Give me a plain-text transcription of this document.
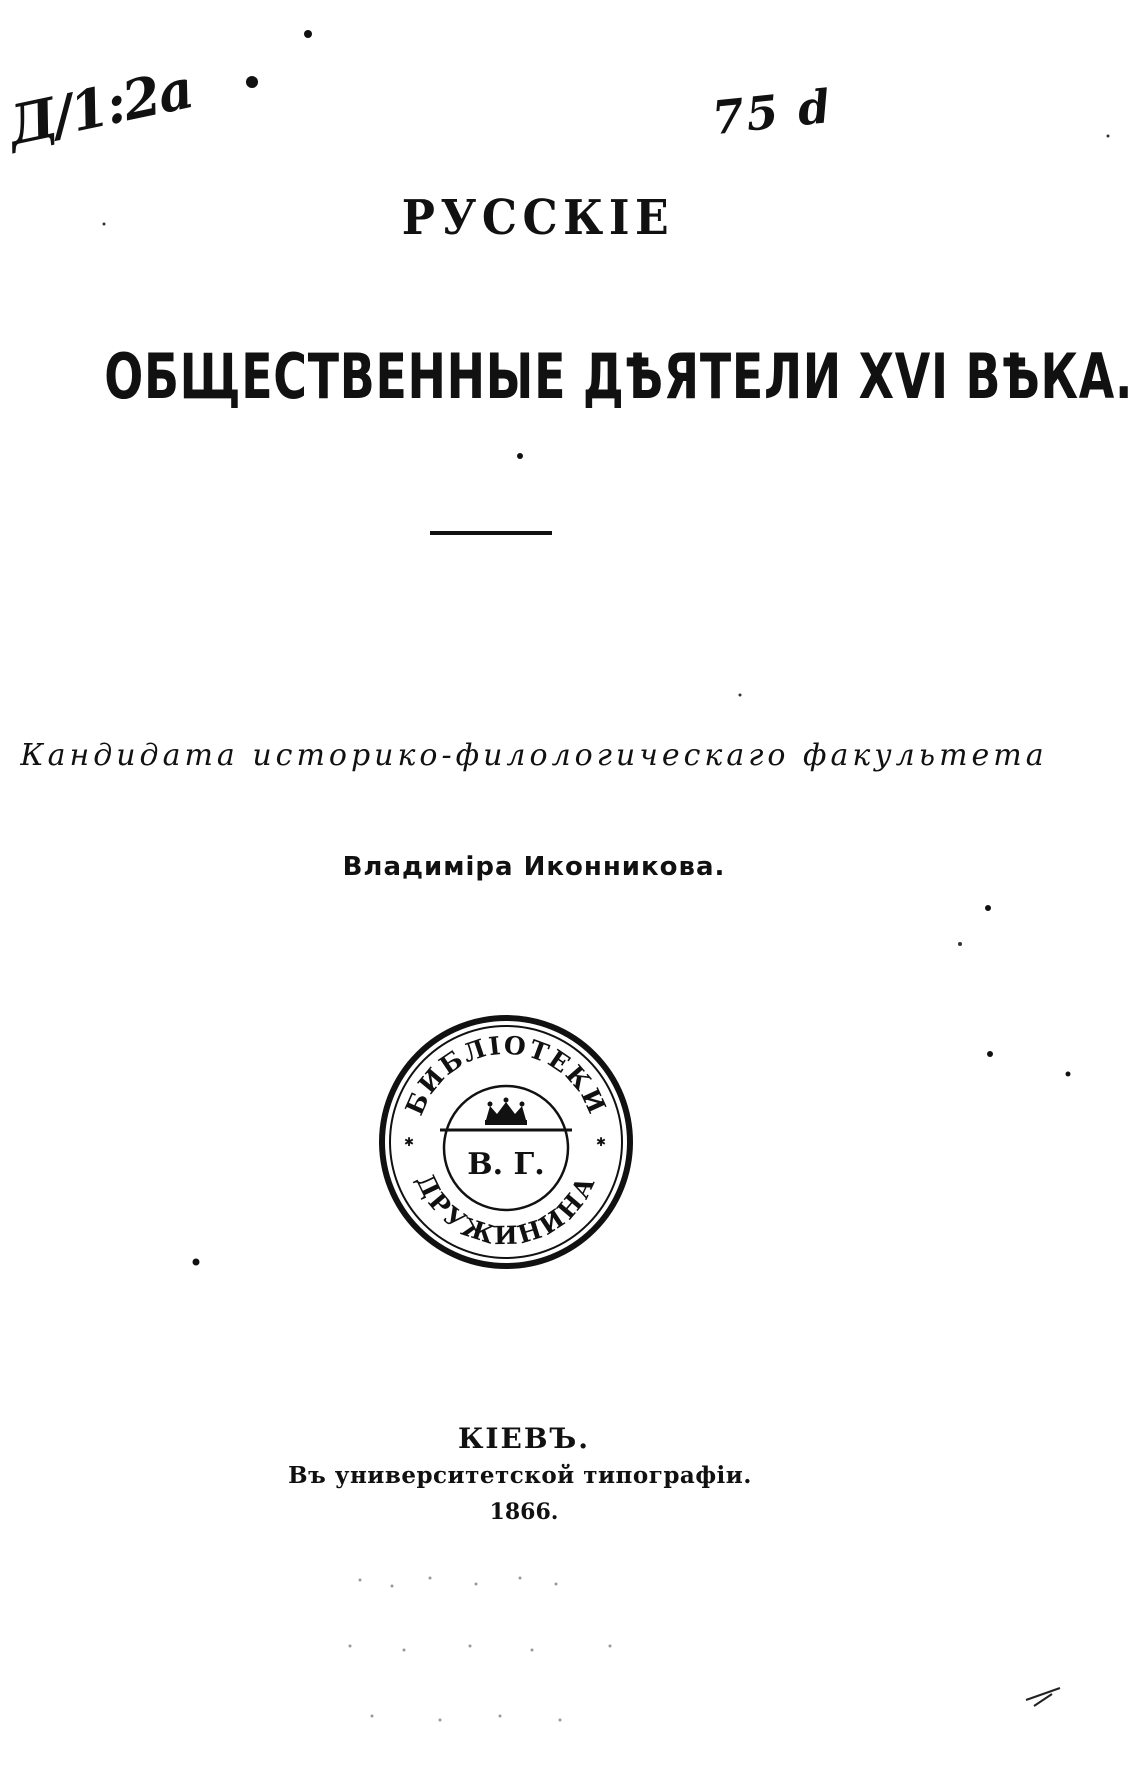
Д/1:2а	75 d
РУССКІЕ
ОБЩЕСТВЕННЫЕ ДѢЯТЕЛИ XVI ВѢКА.
Кандидата историко-филологическаго факультета
Владиміра Иконникова.
✱	✱
БИБЛІОТЕКИ
В. Г.
ДРУЖИНИНА
КІЕВЪ.
Въ университетской типографіи.
1866.
